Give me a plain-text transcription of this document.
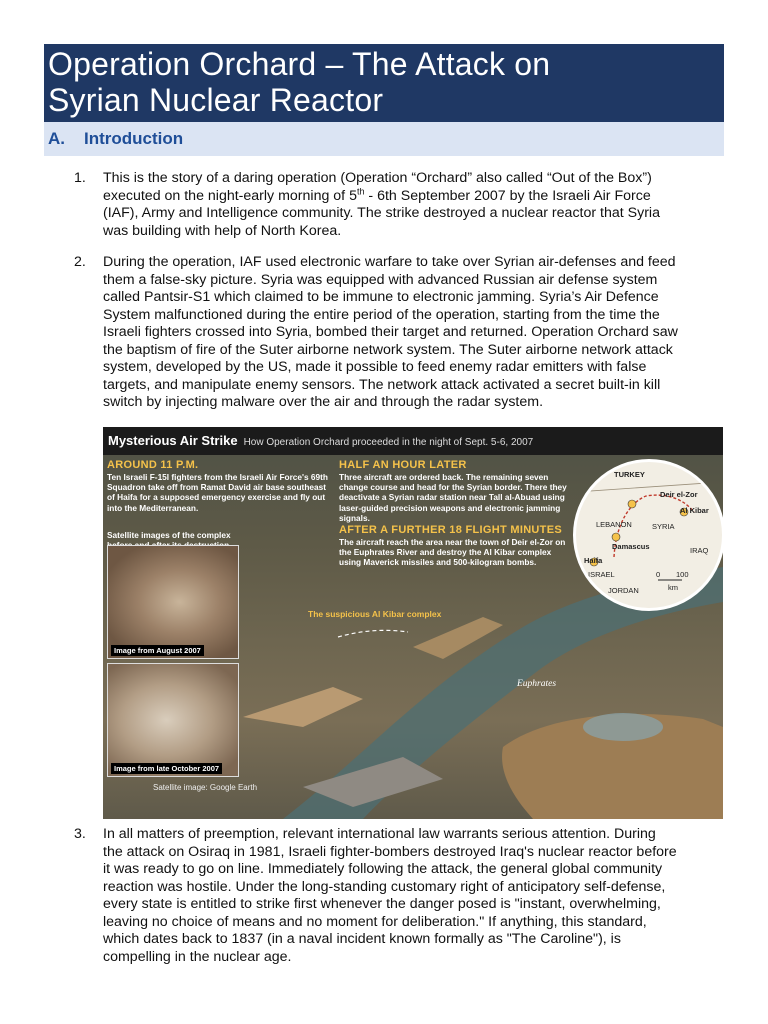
Operation Orchard – The Attack on
Syrian Nuclear Reactor
A. Introduction
1.	This is the story of a daring operation (Operation “Orchard” also called “Out of the Box”)
executed on the night-early morning of 5th - 6th September 2007 by the Israeli Air Force
(IAF), Army and Intelligence community. The strike destroyed a nuclear reactor that Syria
was building with help of North Korea.
2.	During the operation, IAF used electronic warfare to take over Syrian air-defenses and feed
them a false-sky picture. Syria was equipped with advanced Russian air defense system
called Pantsir-S1 which claimed to be immune to electronic jamming. Syria’s Air Defence
System malfunctioned during the entire period of the operation, starting from the time the
Israeli fighters crossed into Syria, bombed their target and returned. Operation Orchard saw
the baptism of fire of the Suter airborne network system. The Suter airborne network attack
system, developed by the US, made it possible to feed enemy radar emitters with false
targets, and manipulate enemy sensors. The network attack activated a secret built-in kill
switch by injecting malware over the air and through the radar system.
Mysterious Air Strike How Operation Orchard proceeded in the night of Sept. 5-6, 2007
AROUND 11 P.M.
Ten Israeli F-15I fighters from the Israeli Air Force's 69th Squadron take off from Ramat David air base southeast of Haifa for a supposed emergency exercise and fly out into the Mediterranean.
HALF AN HOUR LATER
Three aircraft are ordered back. The remaining seven change course and head for the Syrian border. There they deactivate a Syrian radar station near Tall al-Abuad using laser-guided precision weapons and electronic jamming signals.
AFTER A FURTHER 18 FLIGHT MINUTES
The aircraft reach the area near the town of Deir el-Zor on the Euphrates River and destroy the Al Kibar complex using Maverick missiles and 500-kilogram bombs.
Satellite images of the complex
Image from August 2007
Image from late October 2007
Satellite image: Google Earth
The suspicious Al Kibar complex
Euphrates
TURKEY
Deir el-Zor
Al Kibar
LEBANON	SYRIA
Damascus
Haifa
IRAQ
ISRAEL
JORDAN
0 100
km
3.	In all matters of preemption, relevant international law warrants serious attention. During
the attack on Osiraq in 1981, Israeli fighter-bombers destroyed Iraq's nuclear reactor before
it was ready to go on line. Immediately following the attack, the general global community
reaction was hostile. Under the long-standing customary right of anticipatory self-defense,
every state is entitled to strike first whenever the danger posed is "instant, overwhelming,
leaving no choice of means and no moment for deliberation." If anything, this standard,
which dates back to 1837 (in a naval incident known formally as "The Caroline"), is
compelling in the nuclear age.
